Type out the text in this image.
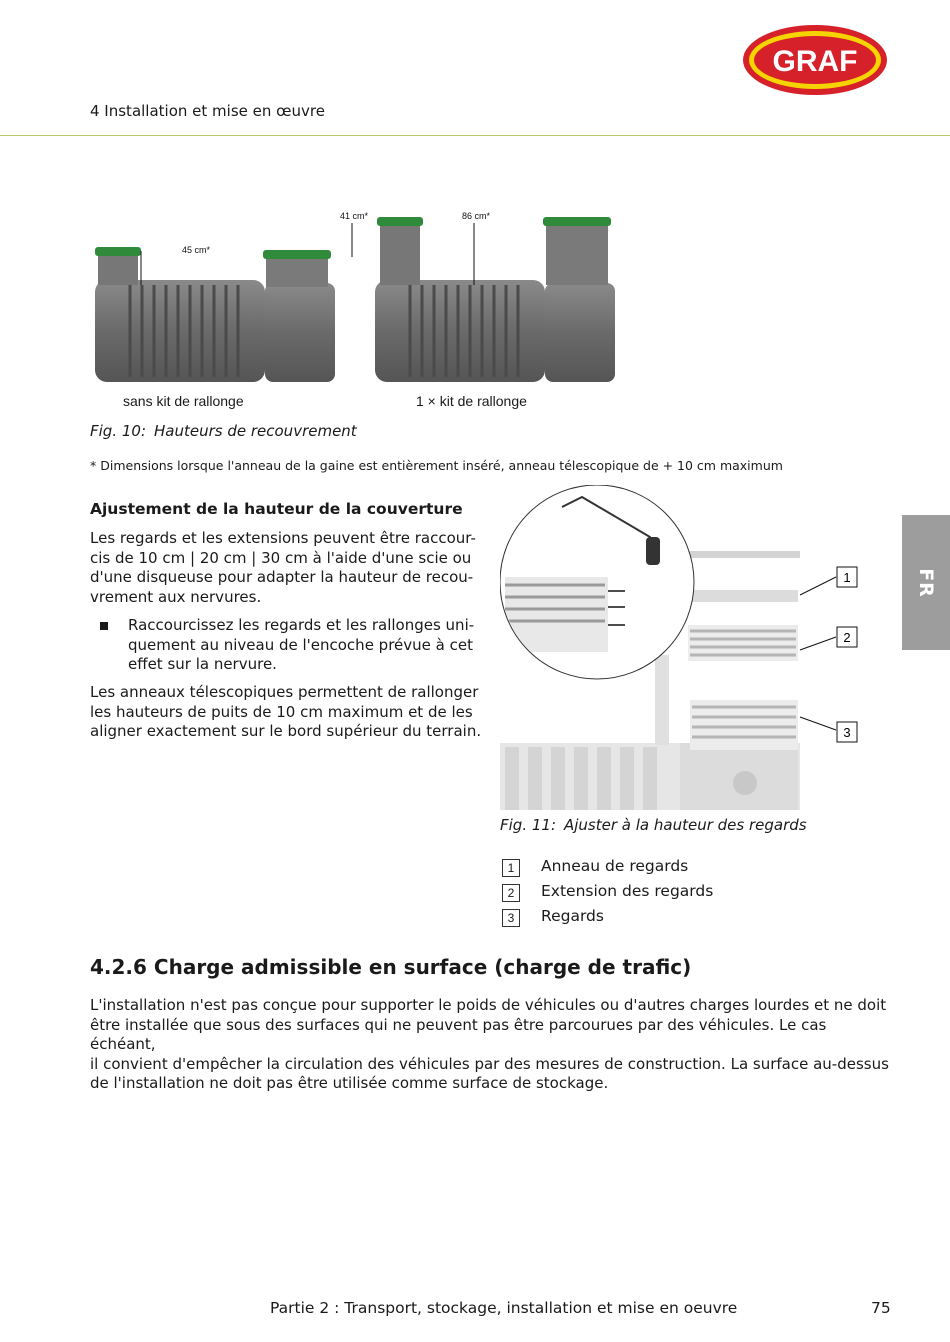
4 Installation et mise en œuvre
GRAF
FR
45 cm*
41 cm*	86 cm*
sans kit de rallonge	1 × kit de rallonge
Fig. 10: Hauteurs de recouvrement
* Dimensions lorsque l'anneau de la gaine est entièrement inséré, anneau télescopique de + 10 cm maximum
Ajustement de la hauteur de la couverture
Les regards et les extensions peuvent être raccour-
cis de 10 cm | 20 cm | 30 cm à l'aide d'une scie ou
d'une disqueuse pour adapter la hauteur de recou-
vrement aux nervures.
Raccourcissez les regards et les rallonges uni-
quement au niveau de l'encoche prévue à cet
effet sur la nervure.
Les anneaux télescopiques permettent de rallonger
les hauteurs de puits de 10 cm maximum et de les
aligner exactement sur le bord supérieur du terrain.
1
2
3
Fig. 11: Ajuster à la hauteur des regards
1 Anneau de regards
2 Extension des regards
3 Regards
4.2.6 Charge admissible en surface (charge de trafic)
L'installation n'est pas conçue pour supporter le poids de véhicules ou d'autres charges lourdes et ne doit
être installée que sous des surfaces qui ne peuvent pas être parcourues par des véhicules. Le cas échéant,
il convient d'empêcher la circulation des véhicules par des mesures de construction. La surface au-dessus
de l'installation ne doit pas être utilisée comme surface de stockage.
Partie 2 : Transport, stockage, installation et mise en oeuvre	75
